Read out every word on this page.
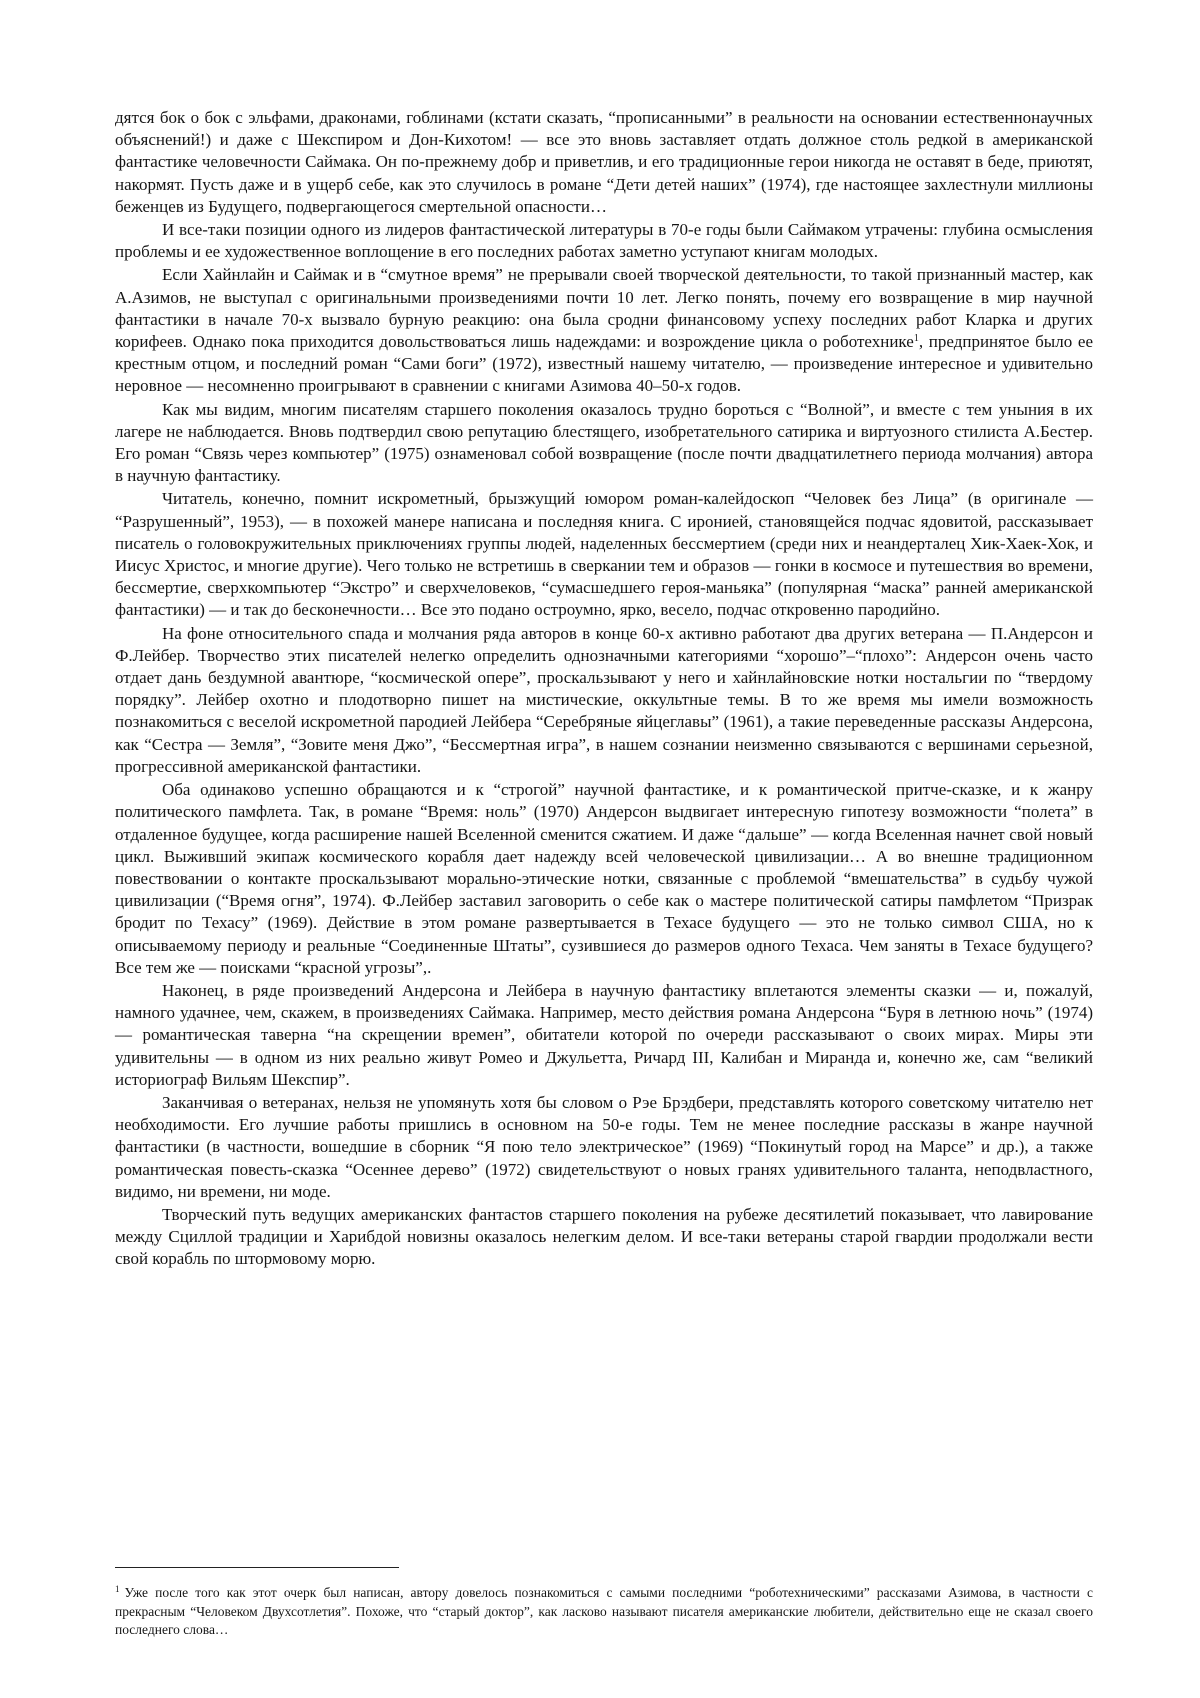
дятся бок о бок с эльфами, драконами, гоблинами (кстати сказать, “прописанными” в реальности на основании естественнонаучных объяснений!) и даже с Шекспиром и Дон-Кихотом! — все это вновь заставляет отдать должное столь редкой в американской фантастике человечности Саймака. Он по-прежнему добр и приветлив, и его традиционные герои никогда не оставят в беде, приютят, накормят. Пусть даже и в ущерб себе, как это случилось в романе “Дети детей наших” (1974), где настоящее захлестнули миллионы беженцев из Будущего, подвергающегося смертельной опасности…

И все-таки позиции одного из лидеров фантастической литературы в 70-е годы были Саймаком утрачены: глубина осмысления проблемы и ее художественное воплощение в его последних работах заметно уступают книгам молодых.

Если Хайнлайн и Саймак и в “смутное время” не прерывали своей творческой деятельности, то такой признанный мастер, как А.Азимов, не выступал с оригинальными произведениями почти 10 лет. Легко понять, почему его возвращение в мир научной фантастики в начале 70-х вызвало бурную реакцию: она была сродни финансовому успеху последних работ Кларка и других корифеев. Однако пока приходится довольствоваться лишь надеждами: и возрождение цикла о роботехнике$^1$, предпринятое было ее крестным отцом, и последний роман “Сами боги” (1972), известный нашему читателю, — произведение интересное и удивительно неровное — несомненно проигрывают в сравнении с книгами Азимова 40–50-х годов.

Как мы видим, многим писателям старшего поколения оказалось трудно бороться с “Волной”, и вместе с тем уныния в их лагере не наблюдается. Вновь подтвердил свою репутацию блестящего, изобретательного сатирика и виртуозного стилиста А.Бестер. Его роман “Связь через компьютер” (1975) ознаменовал собой возвращение (после почти двадцатилетнего периода молчания) автора в научную фантастику.

Читатель, конечно, помнит искрометный, брызжущий юмором роман-калейдоскоп “Человек без Лица” (в оригинале — “Разрушенный”, 1953), — в похожей манере написана и последняя книга. С иронией, становящейся подчас ядовитой, рассказывает писатель о головокружительных приключениях группы людей, наделенных бессмертием (среди них и неандерталец Хик-Хаек-Хок, и Иисус Христос, и многие другие). Чего только не встретишь в сверкании тем и образов — гонки в космосе и путешествия во времени, бессмертие, сверхкомпьютер “Экстро” и сверхчеловеков, “сумасшедшего героя-маньяка” (популярная “маска” ранней американской фантастики) — и так до бесконечности… Все это подано остроумно, ярко, весело, подчас откровенно пародийно.

На фоне относительного спада и молчания ряда авторов в конце 60-х активно работают два других ветерана — П.Андерсон и Ф.Лейбер. Творчество этих писателей нелегко определить однозначными категориями “хорошо”–“плохо”: Андерсон очень часто отдает дань бездумной авантюре, “космической опере”, проскальзывают у него и хайнлайновские нотки ностальгии по “твердому порядку”. Лейбер охотно и плодотворно пишет на мистические, оккультные темы. В то же время мы имели возможность познакомиться с веселой искрометной пародией Лейбера “Серебряные яйцеглавы” (1961), а такие переведенные рассказы Андерсона, как “Сестра — Земля”, “Зовите меня Джо”, “Бессмертная игра”, в нашем сознании неизменно связываются с вершинами серьезной, прогрессивной американской фантастики.

Оба одинаково успешно обращаются и к “строгой” научной фантастике, и к романтической притче-сказке, и к жанру политического памфлета. Так, в романе “Время: ноль” (1970) Андерсон выдвигает интересную гипотезу возможности “полета” в отдаленное будущее, когда расширение нашей Вселенной сменится сжатием. И даже “дальше” — когда Вселенная начнет свой новый цикл. Выживший экипаж космического корабля дает надежду всей человеческой цивилизации… А во внешне традиционном повествовании о контакте проскальзывают морально-этические нотки, связанные с проблемой “вмешательства” в судьбу чужой цивилизации (“Время огня”, 1974). Ф.Лейбер заставил заговорить о себе как о мастере политической сатиры памфлетом “Призрак бродит по Техасу” (1969). Действие в этом романе развертывается в Техасе будущего — это не только символ США, но к описываемому периоду и реальные “Соединенные Штаты”, сузившиеся до размеров одного Техаса. Чем заняты в Техасе будущего? Все тем же — поисками “красной угрозы”,.

Наконец, в ряде произведений Андерсона и Лейбера в научную фантастику вплетаются элементы сказки — и, пожалуй, намного удачнее, чем, скажем, в произведениях Саймака. Например, место действия романа Андерсона “Буря в летнюю ночь” (1974) — романтическая таверна “на скрещении времен”, обитатели которой по очереди рассказывают о своих мирах. Миры эти удивительны — в одном из них реально живут Ромео и Джульетта, Ричард III, Калибан и Миранда и, конечно же, сам “великий историограф Вильям Шекспир”.

Заканчивая о ветеранах, нельзя не упомянуть хотя бы словом о Рэе Брэдбери, представлять которого советскому читателю нет необходимости. Его лучшие работы пришлись в основном на 50-е годы. Тем не менее последние рассказы в жанре научной фантастики (в частности, вошедшие в сборник “Я пою тело электрическое” (1969) “Покинутый город на Марсе” и др.), а также романтическая повесть-сказка “Осеннее дерево” (1972) свидетельствуют о новых гранях удивительного таланта, неподвластного, видимо, ни времени, ни моде.

Творческий путь ведущих американских фантастов старшего поколения на рубеже десятилетий показывает, что лавирование между Сциллой традиции и Харибдой новизны оказалось нелегким делом. И все-таки ветераны старой гвардии продолжали вести свой корабль по штормовому морю.

$^1$ Уже после того как этот очерк был написан, автору довелось познакомиться с самыми последними “роботехническими” рассказами Азимова, в частности с прекрасным “Человеком Двухсотлетия”. Похоже, что “старый доктор”, как ласково называют писателя американские любители, действительно еще не сказал своего последнего слова…
